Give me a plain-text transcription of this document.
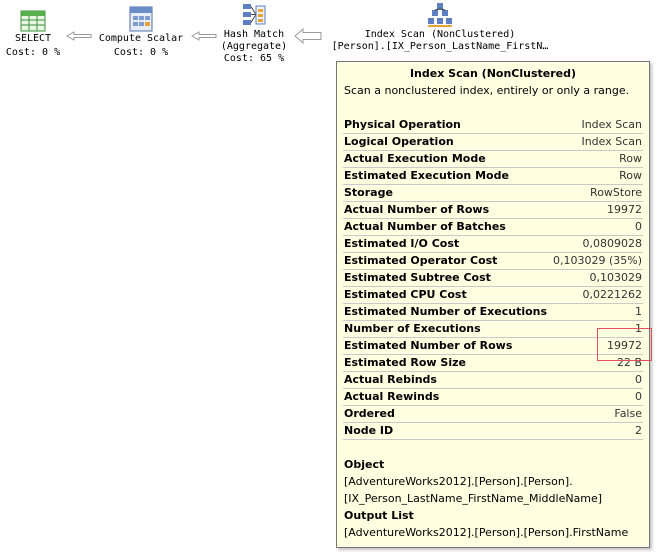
SELECT
Cost: 0 %
Compute Scalar
Cost: 0 %
Hash Match
(Aggregate)
Cost: 65 %
Index Scan (NonClustered)
[Person].[IX_Person_LastName_FirstN…
Index Scan (NonClustered)
Scan a nonclustered index, entirely or only a range.
Physical Operation	Index Scan
Logical Operation	Index Scan
Actual Execution Mode	Row
Estimated Execution Mode	Row
Storage	RowStore
Actual Number of Rows	19972
Actual Number of Batches	0
Estimated I/O Cost	0,0809028
Estimated Operator Cost	0,103029 (35%)
Estimated Subtree Cost	0,103029
Estimated CPU Cost	0,0221262
Estimated Number of Executions	1
Number of Executions	1
Estimated Number of Rows	19972
Estimated Row Size	22 B
Actual Rebinds	0
Actual Rewinds	0
Ordered	False
Node ID	2
Object
[AdventureWorks2012].[Person].[Person].
[IX_Person_LastName_FirstName_MiddleName]
Output List
[AdventureWorks2012].[Person].[Person].FirstName
